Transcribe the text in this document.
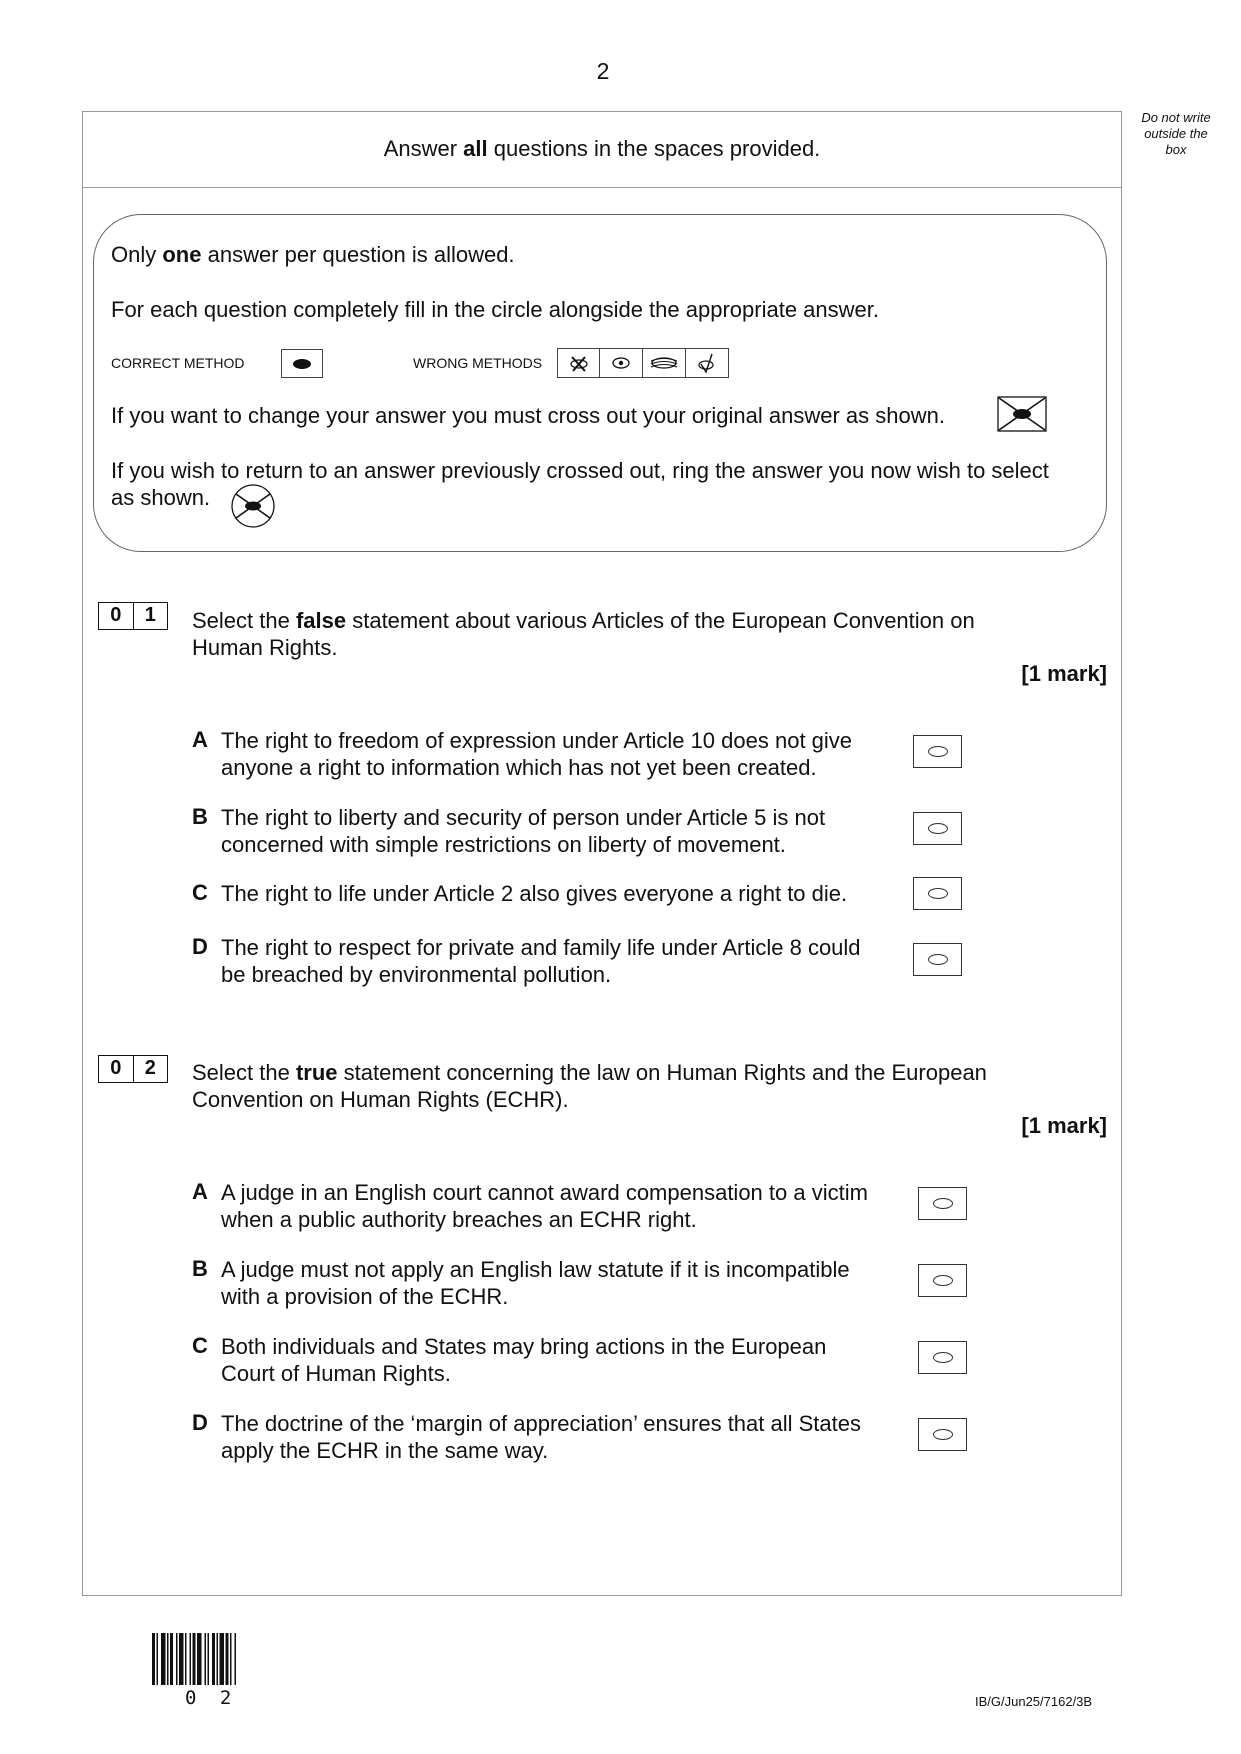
2
Do not write
outside the
box
Answer all questions in the spaces provided.
Only one answer per question is allowed.
For each question completely fill in the circle alongside the appropriate answer.
CORRECT METHOD	WRONG METHODS
If you want to change your answer you must cross out your original answer as shown.
If you wish to return to an answer previously crossed out, ring the answer you now wish to select
as shown.
0	1	Select the false statement about various Articles of the European Convention on
Human Rights.
[1 mark]
A The right to freedom of expression under Article 10 does not give
anyone a right to information which has not yet been created.
B The right to liberty and security of person under Article 5 is not
concerned with simple restrictions on liberty of movement.
C The right to life under Article 2 also gives everyone a right to die.
D The right to respect for private and family life under Article 8 could
be breached by environmental pollution.
0	2	Select the true statement concerning the law on Human Rights and the European
Convention on Human Rights (ECHR).
[1 mark]
A A judge in an English court cannot award compensation to a victim
when a public authority breaches an ECHR right.
B A judge must not apply an English law statute if it is incompatible
with a provision of the ECHR.
C Both individuals and States may bring actions in the European
Court of Human Rights.
D The doctrine of the ‘margin of appreciation’ ensures that all States
apply the ECHR in the same way.
0 2	IB/G/Jun25/7162/3B
